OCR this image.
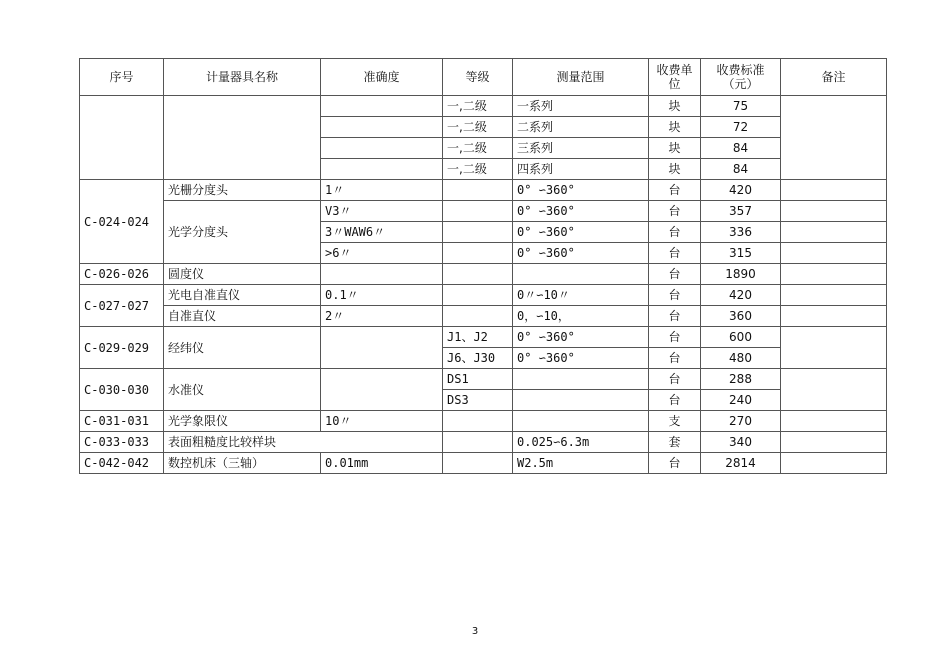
序号	计量器具名称	准确度	等级	测量范围	收费单位	收费标准（元）	备注
			一,二级	一系列	块	75	
			一,二级	二系列	块	72	
			一,二级	三系列	块	84	
			一,二级	四系列	块	84	
C-024-024	光栅分度头	1〃		0° ∽360°	台	420	
	光学分度头	V3〃		0° ∽360°	台	357	
		3〃WAW6〃		0° ∽360°	台	336	
		>6〃		0° ∽360°	台	315	
C-026-026	圆度仪				台	1890	
C-027-027	光电自准直仪	0.1〃		0〃∽10〃	台	420	
	自准直仪	2〃		0，∽10，	台	360	
C-029-029	经纬仪		J1、J2	0° ∽360°	台	600	
			J6、J30	0° ∽360°	台	480	
C-030-030	水准仪		DS1		台	288	
			DS3		台	240	
C-031-031	光学象限仪	10〃			支	270	
C-033-033	表面粗糙度比较样块			0.025∽6.3m	套	340	
C-042-042	数控机床（三轴）	0.01mm		W2.5m	台	2814	
3
